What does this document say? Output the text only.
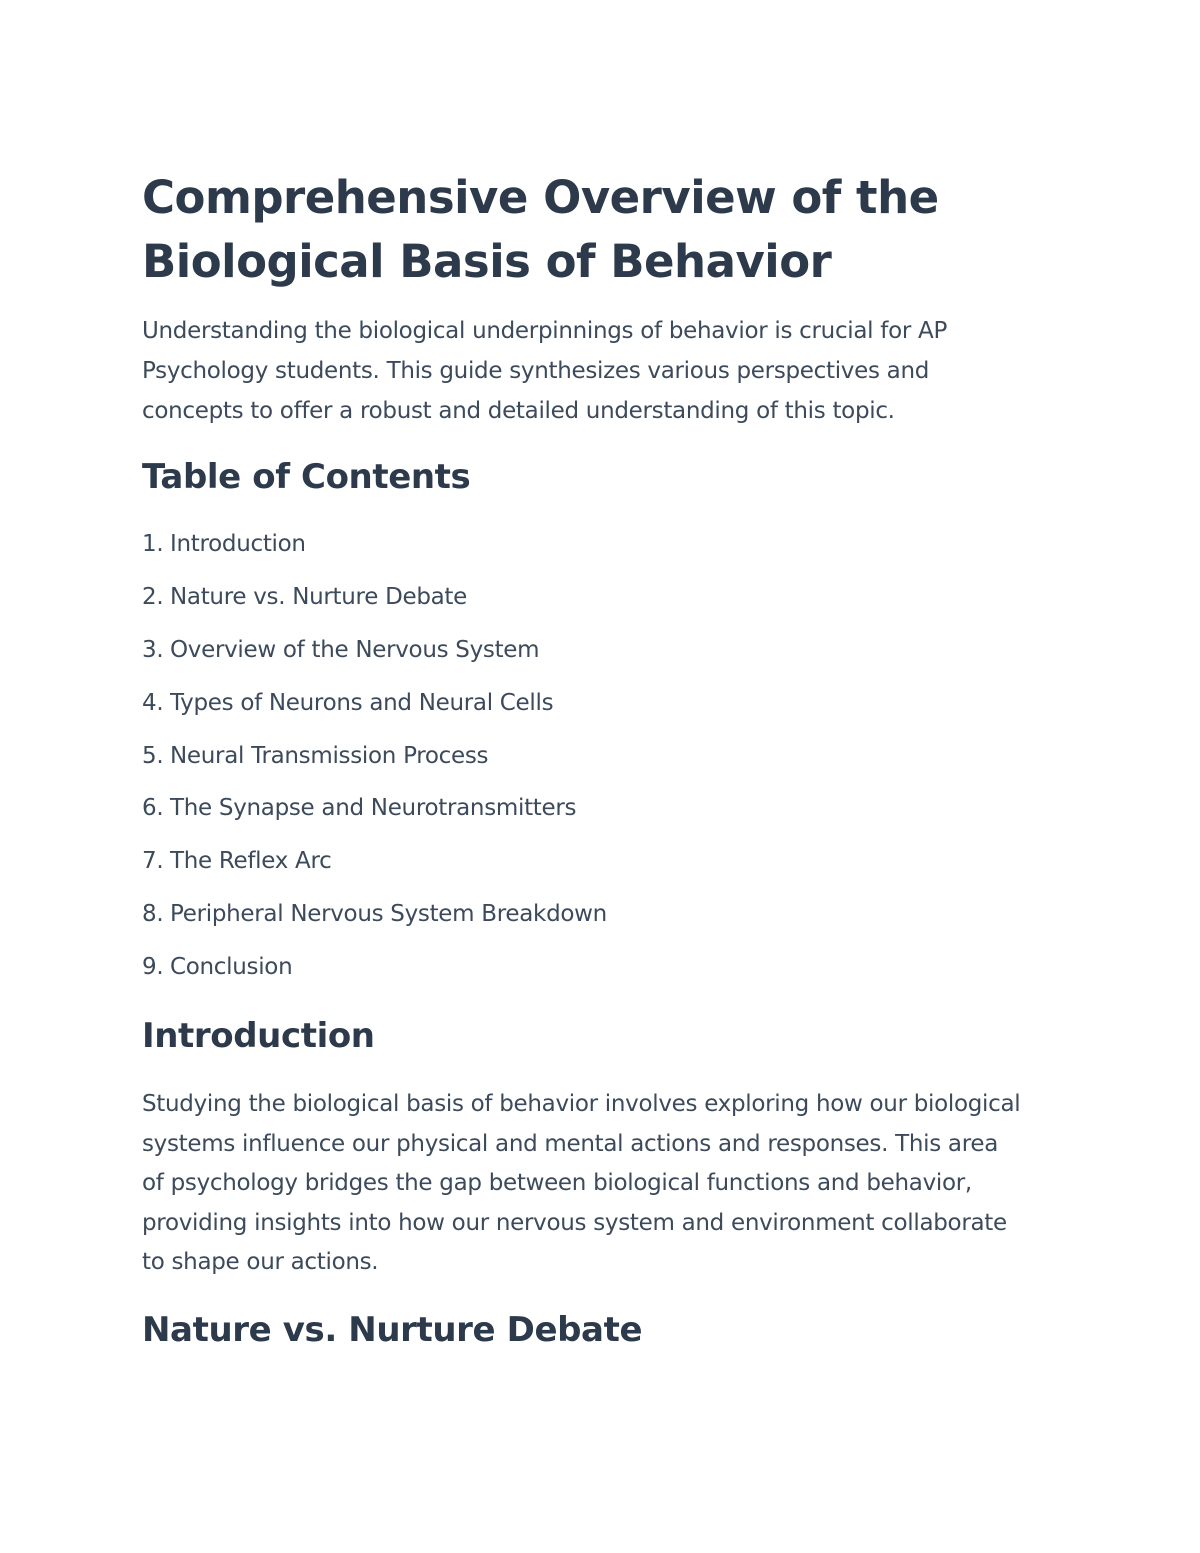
Comprehensive Overview of the
Biological Basis of Behavior

Understanding the biological underpinnings of behavior is crucial for AP Psychology students. This guide synthesizes various perspectives and concepts to offer a robust and detailed understanding of this topic.

Table of Contents
1. Introduction
2. Nature vs. Nurture Debate
3. Overview of the Nervous System
4. Types of Neurons and Neural Cells
5. Neural Transmission Process
6. The Synapse and Neurotransmitters
7. The Reflex Arc
8. Peripheral Nervous System Breakdown
9. Conclusion
Introduction

Studying the biological basis of behavior involves exploring how our biological systems influence our physical and mental actions and responses. This area of psychology bridges the gap between biological functions and behavior, providing insights into how our nervous system and environment collaborate to shape our actions.

Nature vs. Nurture Debate
